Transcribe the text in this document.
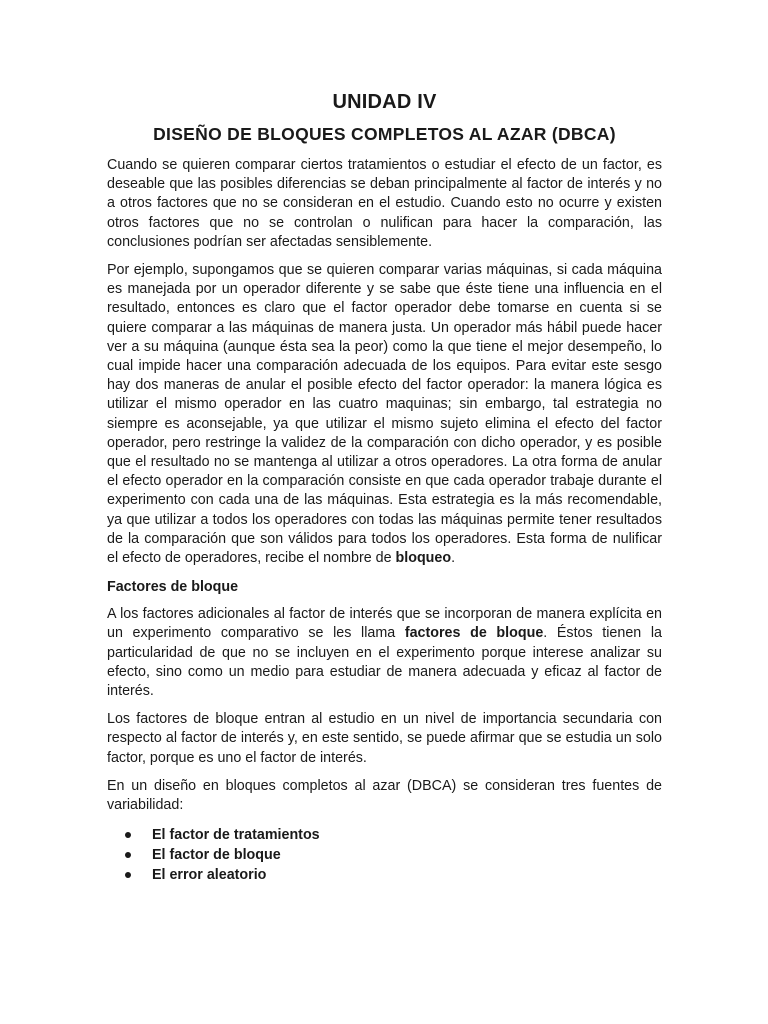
UNIDAD IV
DISEÑO DE BLOQUES COMPLETOS AL AZAR (DBCA)

Cuando se quieren comparar ciertos tratamientos o estudiar el efecto de un factor, es deseable que las posibles diferencias se deban principalmente al factor de interés y no a otros factores que no se consideran en el estudio. Cuando esto no ocurre y existen otros factores que no se controlan o nulifican para hacer la comparación, las conclusiones podrían ser afectadas sensiblemente.

Por ejemplo, supongamos que se quieren comparar varias máquinas, si cada máquina es manejada por un operador diferente y se sabe que éste tiene una influencia en el resultado, entonces es claro que el factor operador debe tomarse en cuenta si se quiere comparar a las máquinas de manera justa. Un operador más hábil puede hacer ver a su máquina (aunque ésta sea la peor) como la que tiene el mejor desempeño, lo cual impide hacer una comparación adecuada de los equipos. Para evitar este sesgo hay dos maneras de anular el posible efecto del factor operador: la manera lógica es utilizar el mismo operador en las cuatro maquinas; sin embargo, tal estrategia no siempre es aconsejable, ya que utilizar el mismo sujeto elimina el efecto del factor operador, pero restringe la validez de la comparación con dicho operador, y es posible que el resultado no se mantenga al utilizar a otros operadores. La otra forma de anular el efecto operador en la comparación consiste en que cada operador trabaje durante el experimento con cada una de las máquinas. Esta estrategia es la más recomendable, ya que utilizar a todos los operadores con todas las máquinas permite tener resultados de la comparación que son válidos para todos los operadores. Esta forma de nulificar el efecto de operadores, recibe el nombre de bloqueo.

Factores de bloque

A los factores adicionales al factor de interés que se incorporan de manera explícita en un experimento comparativo se les llama factores de bloque. Éstos tienen la particularidad de que no se incluyen en el experimento porque interese analizar su efecto, sino como un medio para estudiar de manera adecuada y eficaz al factor de interés.

Los factores de bloque entran al estudio en un nivel de importancia secundaria con respecto al factor de interés y, en este sentido, se puede afirmar que se estudia un solo factor, porque es uno el factor de interés.

En un diseño en bloques completos al azar (DBCA) se consideran tres fuentes de variabilidad:

El factor de tratamientos
El factor de bloque
El error aleatorio
